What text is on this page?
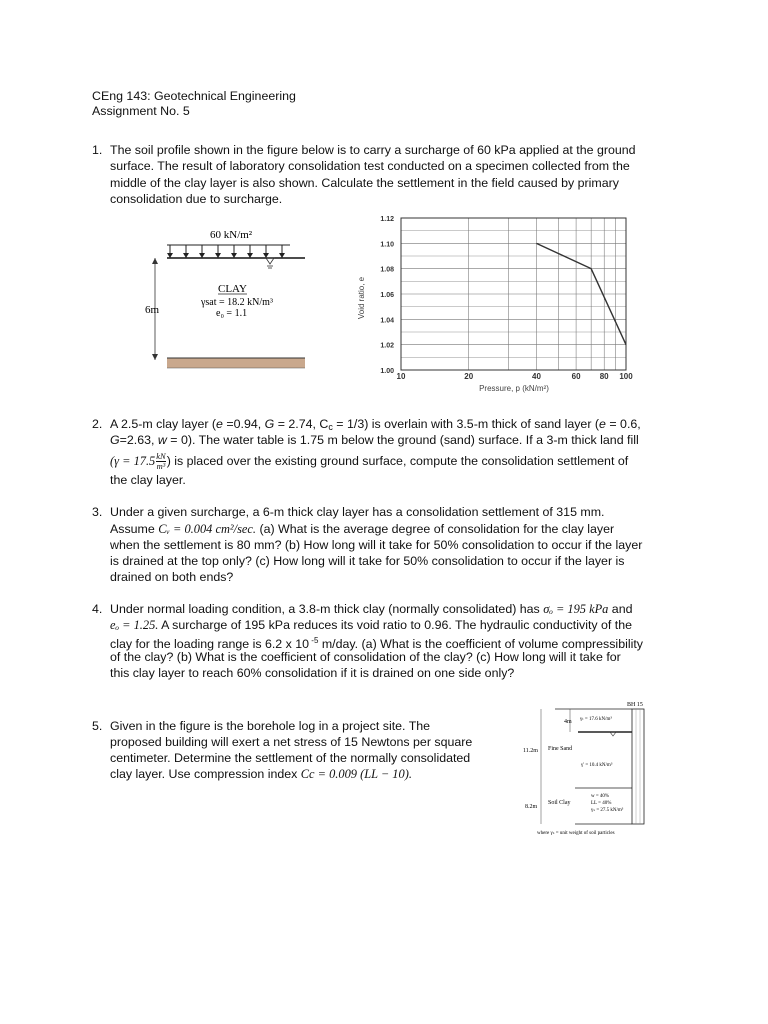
CEng 143: Geotechnical Engineering
Assignment No. 5
1. The soil profile shown in the figure below is to carry a surcharge of 60 kPa applied at the ground
surface. The result of laboratory consolidation test conducted on a specimen collected from the
middle of the clay layer is also shown. Calculate the settlement in the field caused by primary
consolidation due to surcharge.
60 kN/m²
6m
CLAY
γsat = 18.2 kN/m³
e₀ = 1.1
1.00
1.02
1.04
1.06
1.08
1.10
1.12
10	20	40	60 80 100
Void ratio, e
Pressure, p (kN/m²)
2. A 2.5-m clay layer (e =0.94, G = 2.74, Cc = 1/3) is overlain with 3.5-m thick of sand layer (e = 0.6,
G=2.63, w = 0). The water table is 1.75 m below the ground (sand) surface. If a 3-m thick land fill
($\gamma = 17.5 \frac{kN}{\text{m³}}$ ) is placed over the existing ground surface, compute the consolidation settlement of
the clay layer.
3. Under a given surcharge, a 6-m thick clay layer has a consolidation settlement of 315 mm.
Assume Cᵥ = 0.004 cm²/sec. (a) What is the average degree of consolidation for the clay layer
when the settlement is 80 mm? (b) How long will it take for 50% consolidation to occur if the layer
is drained at the top only? (c) How long will it take for 50% consolidation to occur if the layer is
drained on both ends?
4. Under normal loading condition, a 3.8-m thick clay (normally consolidated) has σₒ = 195 kPa and
eₒ = 1.25. A surcharge of 195 kPa reduces its void ratio to 0.96. The hydraulic conductivity of the
clay for the loading range is 6.2 x 10 $^{-5}$ m/day. (a) What is the coefficient of volume compressibility
of the clay? (b) What is the coefficient of consolidation of the clay? (c) How long will it take for
this clay layer to reach 60% consolidation if it is drained on one side only?
5. Given in the figure is the borehole log in a project site. The
proposed building will exert a net stress of 15 Newtons per square
centimeter. Determine the settlement of the normally consolidated
clay layer. Use compression index Cc = 0.009 (LL − 10).
BH 15
4m γₜ = 17.6 kN/m³
11.2m Fine Sand
γ' = 10.4 kN/m³
8.2m
Soil Clay
w = 40%
LL = 40%
γₛ = 27.5 kN/m³
where γₛ = unit weight of soil particles
